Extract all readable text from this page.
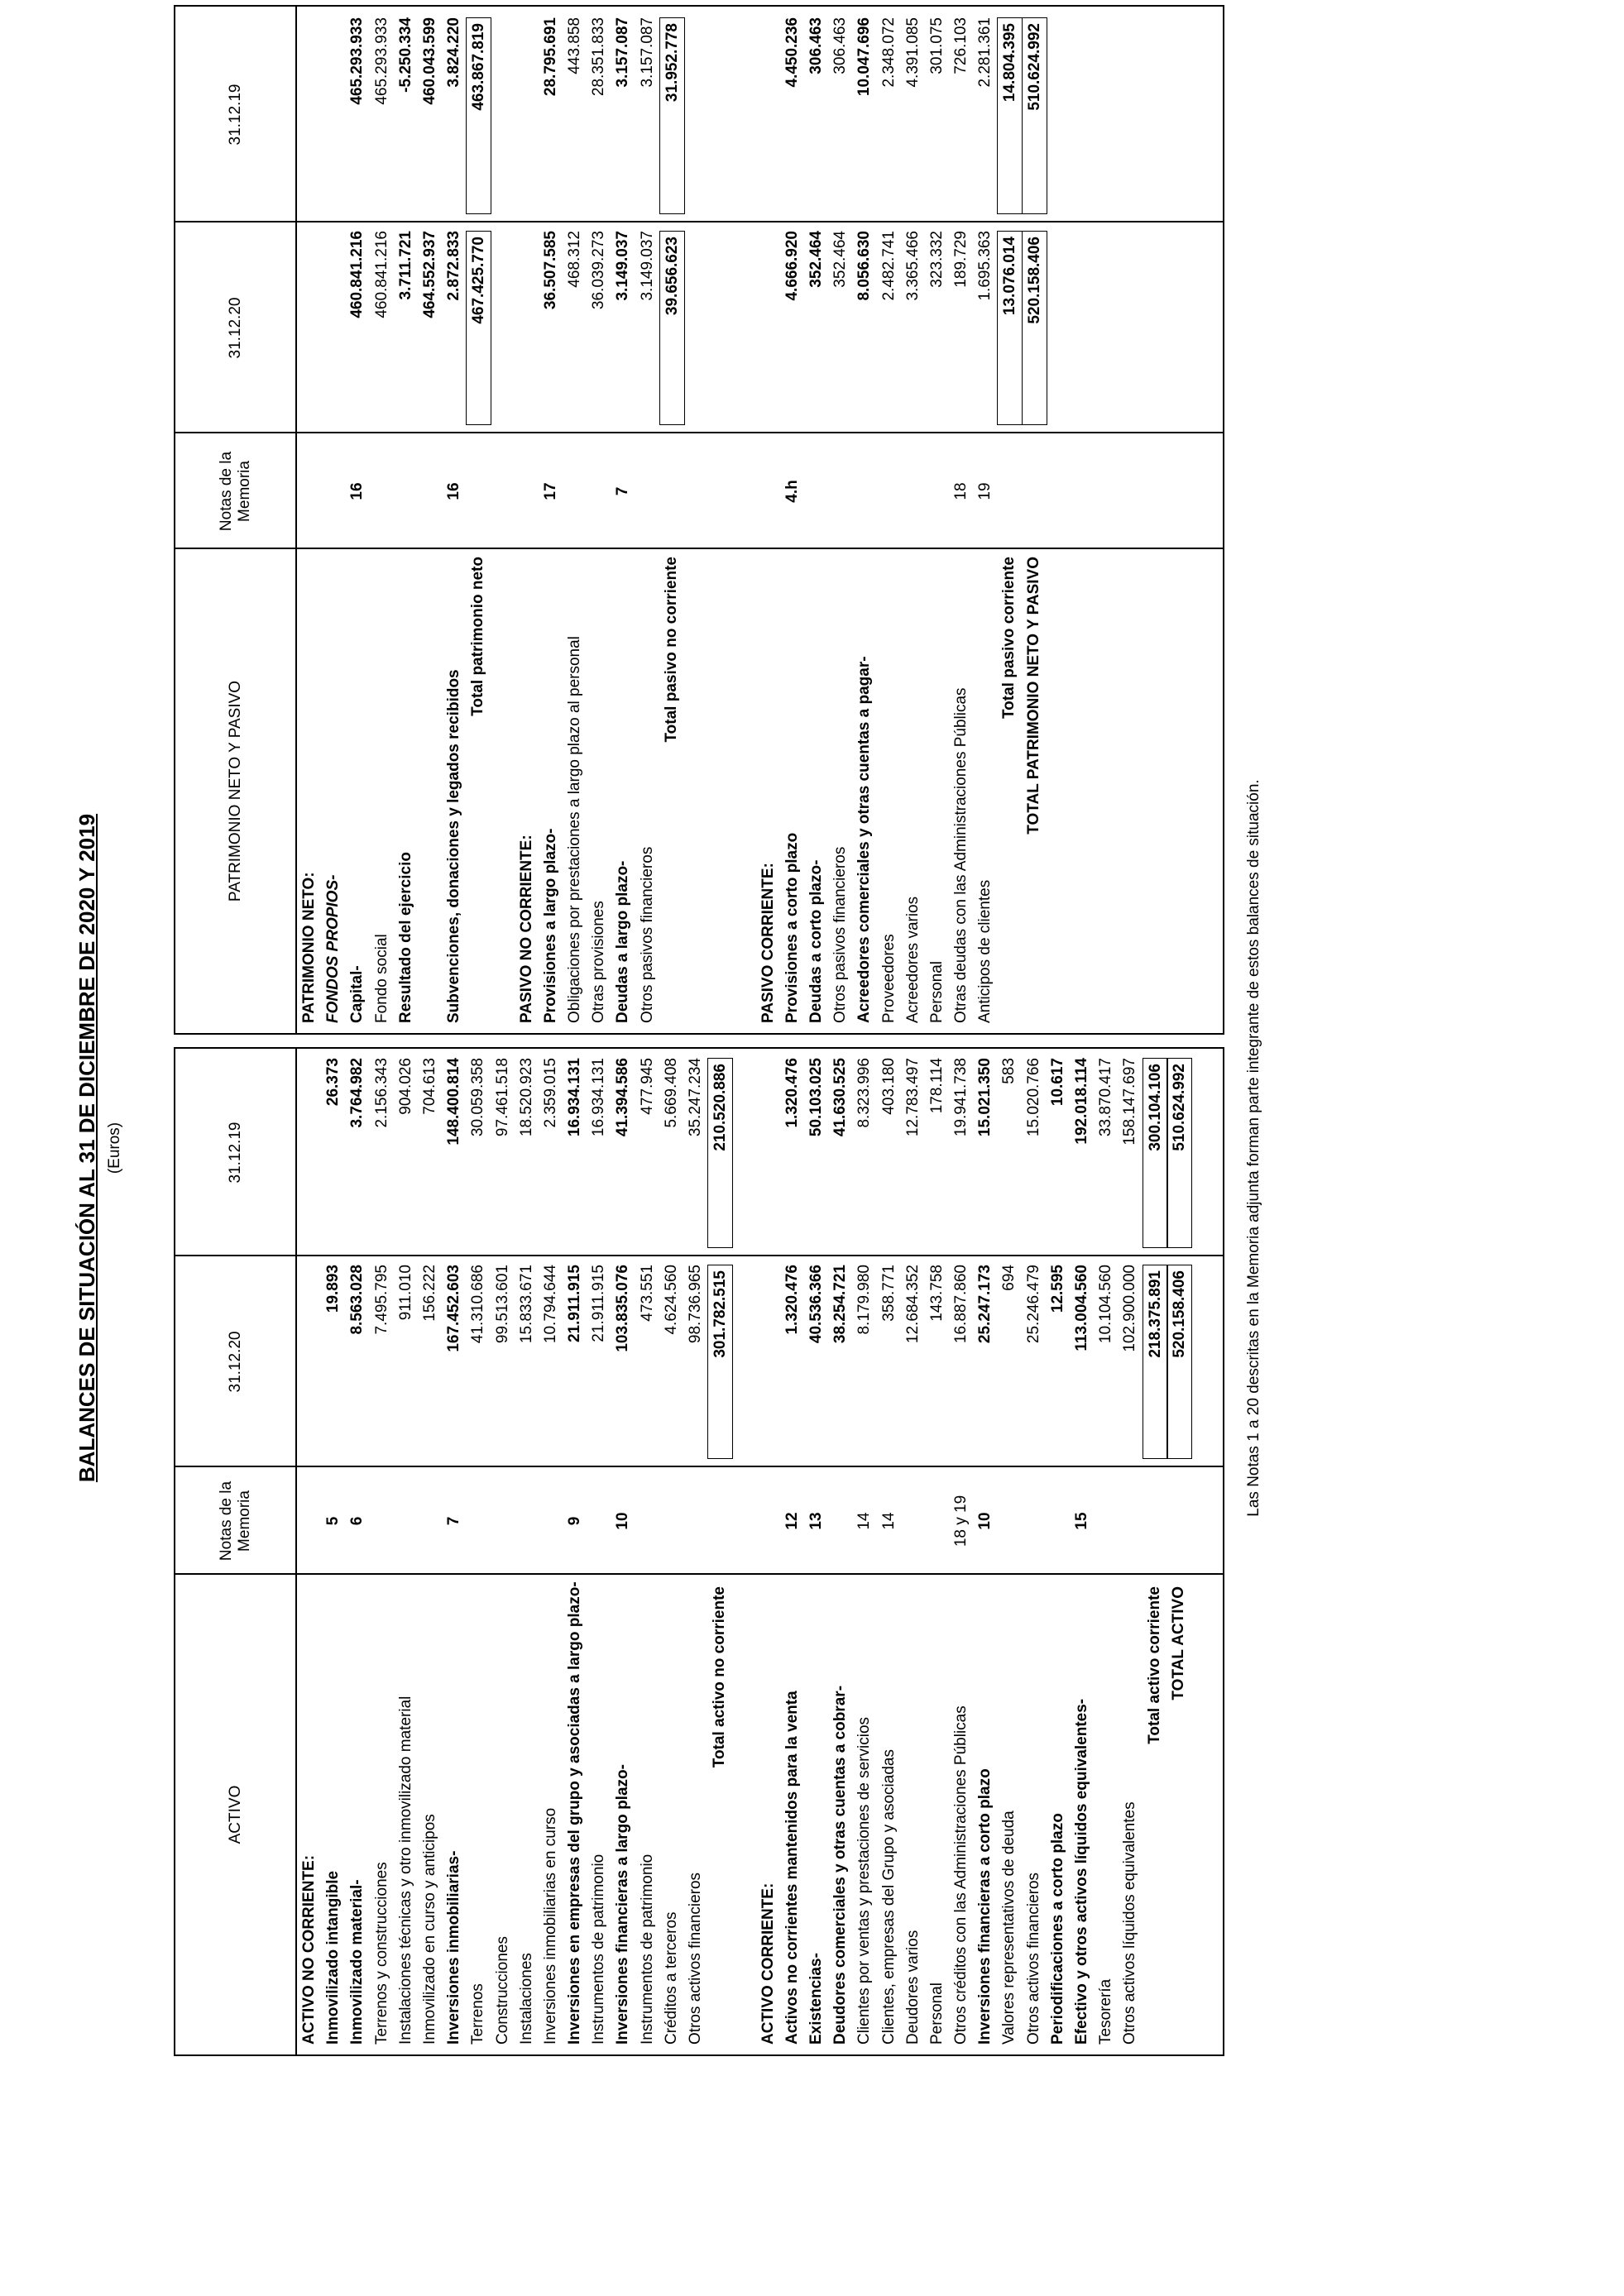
BALANCES DE SITUACIÓN AL 31 DE DICIEMBRE DE 2020 Y 2019 (Euros)
ACTIVO
Notas de la Memoria
31.12.20
31.12.19
ACTIVO NO CORRIENTE: Inmovilizado intangible
5
19.893
26.373
Inmovilizado material-
6
8.563.028
3.764.982
Terrenos y construcciones
7.495.795
2.156.343
Instalaciones técnicas y otro inmovilizado material
911.010
904.026
Inmovilizado en curso y anticipos
156.222
704.613
Inversiones inmobiliarias-
7
167.452.603
148.400.814
Terrenos
41.310.686
30.059.358
Construcciones
99.513.601
97.461.518
Instalaciones
15.833.671
18.520.923
Inversiones inmobiliarias en curso
10.794.644
2.359.015
Inversiones en empresas del grupo y asociadas a largo plazo-
9
21.911.915
16.934.131
Instrumentos de patrimonio
21.911.915
16.934.131
Inversiones financieras a largo plazo-
10
103.835.076
41.394.586
Instrumentos de patrimonio
473.551
477.945
Créditos a terceros
4.624.560
5.669.408
Otros activos financieros
98.736.965
35.247.234
Total activo no corriente
301.782.515
210.520.886
ACTIVO CORRIENTE: Activos no corrientes mantenidos para la venta
12
1.320.476
1.320.476
Existencias-
13
40.536.366
50.103.025
Deudores comerciales y otras cuentas a cobrar-
38.254.721
41.630.525
Clientes por ventas y prestaciones de servicios
14
8.179.980
8.323.996
Clientes, empresas del Grupo y asociadas
14
358.771
403.180
Deudores varios
12.684.352
12.783.497
Personal
143.758
178.114
Otros créditos con las Administraciones Públicas
18 y 19
16.887.860
19.941.738
Inversiones financieras a corto plazo
10
25.247.173
15.021.350
Valores representativos de deuda
694
583
Otros activos financieros
25.246.479
15.020.766
Periodificaciones a corto plazo
12.595
10.617
Efectivo y otros activos líquidos equivalentes-
15
113.004.560
192.018.114
Tesorería
10.104.560
33.870.417
Otros activos líquidos equivalentes
102.900.000
158.147.697
Total activo corriente
218.375.891
300.104.106
TOTAL ACTIVO
520.158.406
510.624.992
PATRIMONIO NETO Y PASIVO
Notas de la Memoria
31.12.20
31.12.19
PATRIMONIO NETO: FONDOS PROPIOS- Capital-
16
460.841.216
465.293.933
Fondo social
460.841.216
465.293.933
Resultado del ejercicio
3.711.721
-5.250.334
464.552.937
460.043.599
Subvenciones, donaciones y legados recibidos
16
2.872.833
3.824.220
Total patrimonio neto
467.425.770
463.867.819
PASIVO NO CORRIENTE: Provisiones a largo plazo-
17
36.507.585
28.795.691
Obligaciones por prestaciones a largo plazo al personal
468.312
443.858
Otras provisiones
36.039.273
28.351.833
Deudas a largo plazo-
7
3.149.037
3.157.087
Otros pasivos financieros
3.149.037
3.157.087
Total pasivo no corriente
39.656.623
31.952.778
PASIVO CORRIENTE: Provisiones a corto plazo
4.h
4.666.920
4.450.236
Deudas a corto plazo-
352.464
306.463
Otros pasivos financieros
352.464
306.463
Acreedores comerciales y otras cuentas a pagar-
8.056.630
10.047.696
Proveedores
2.482.741
2.348.072
Acreedores varios
3.365.466
4.391.085
Personal
323.332
301.075
Otras deudas con las Administraciones Públicas
18
189.729
726.103
Anticipos de clientes
19
1.695.363
2.281.361
Total pasivo corriente
13.076.014
14.804.395
TOTAL PATRIMONIO NETO Y PASIVO
520.158.406
510.624.992
Las Notas 1 a 20 descritas en la Memoria adjunta forman parte integrante de estos balances de situación.
